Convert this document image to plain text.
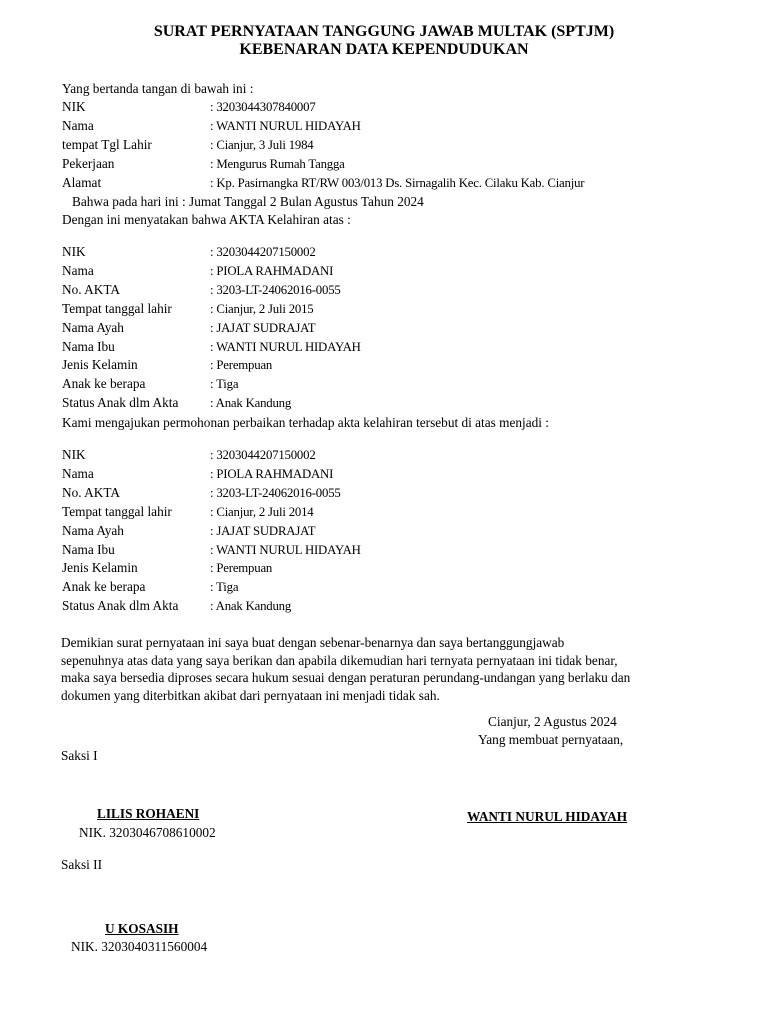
SURAT PERNYATAAN TANGGUNG JAWAB MULTAK (SPTJM)
KEBENARAN DATA KEPENDUDUKAN
Yang bertanda tangan di bawah ini :
NIK	: 3203044307840007
Nama	: WANTI NURUL HIDAYAH
tempat Tgl Lahir	: Cianjur, 3 Juli 1984
Pekerjaan	: Mengurus Rumah Tangga
Alamat	: Kp. Pasirnangka RT/RW 003/013 Ds. Sirnagalih Kec. Cilaku Kab. Cianjur
Bahwa pada hari ini : Jumat Tanggal 2 Bulan Agustus Tahun 2024
Dengan ini menyatakan bahwa AKTA Kelahiran atas :
NIK	: 3203044207150002
Nama	: PIOLA RAHMADANI
No. AKTA	: 3203-LT-24062016-0055
Tempat tanggal lahir	: Cianjur, 2 Juli 2015
Nama Ayah	: JAJAT SUDRAJAT
Nama Ibu	: WANTI NURUL HIDAYAH
Jenis Kelamin	: Perempuan
Anak ke berapa	: Tiga
Status Anak dlm Akta : Anak Kandung
Kami mengajukan permohonan perbaikan terhadap akta kelahiran tersebut di atas menjadi :
NIK	: 3203044207150002
Nama	: PIOLA RAHMADANI
No. AKTA	: 3203-LT-24062016-0055
Tempat tanggal lahir	: Cianjur, 2 Juli 2014
Nama Ayah	: JAJAT SUDRAJAT
Nama Ibu	: WANTI NURUL HIDAYAH
Jenis Kelamin	: Perempuan
Anak ke berapa	: Tiga
Status Anak dlm Akta : Anak Kandung
Demikian surat pernyataan ini saya buat dengan sebenar-benarnya dan saya bertanggungjawab
sepenuhnya atas data yang saya berikan dan apabila dikemudian hari ternyata pernyataan ini tidak benar,
maka saya bersedia diproses secara hukum sesuai dengan peraturan perundang-undangan yang berlaku dan
dokumen yang diterbitkan akibat dari pernyataan ini menjadi tidak sah.
Cianjur, 2 Agustus 2024
Yang membuat pernyataan,
Saksi I
LILIS ROHAENI
NIK. 3203046708610002
WANTI NURUL HIDAYAH
Saksi II
U KOSASIH
NIK. 3203040311560004
